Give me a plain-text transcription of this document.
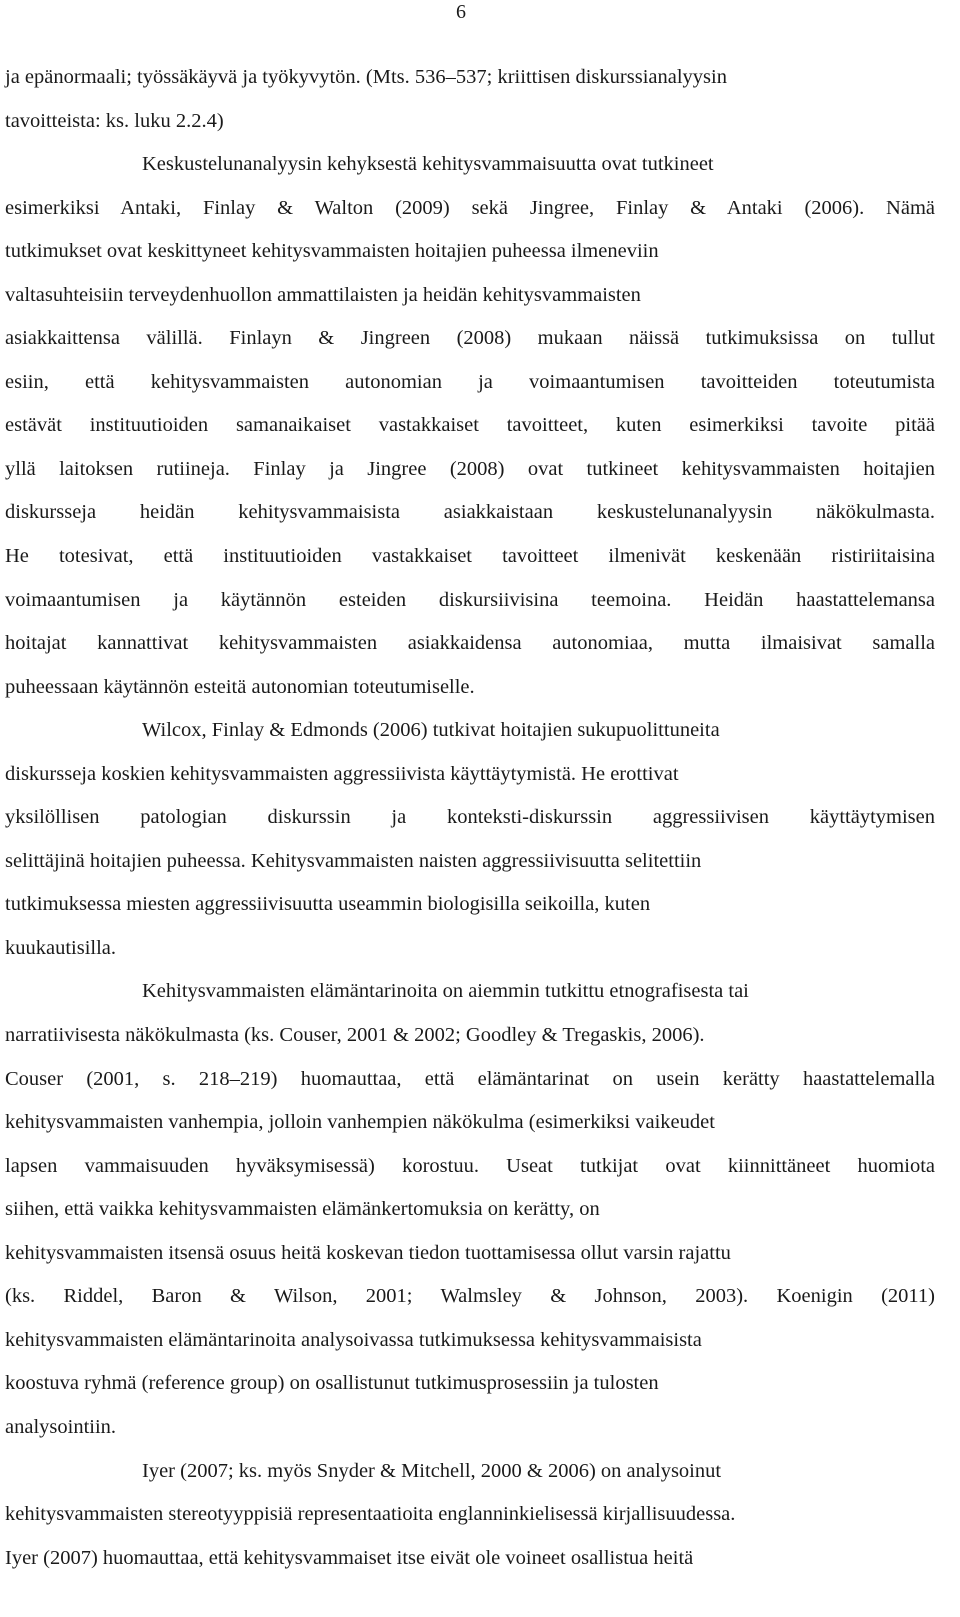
6
ja epänormaali; työssäkäyvä ja työkyvytön. (Mts. 536–537; kriittisen diskurssianalyysin
tavoitteista: ks. luku 2.2.4)
Keskustelunanalyysin kehyksestä kehitysvammaisuutta ovat tutkineet
esimerkiksi Antaki, Finlay & Walton (2009) sekä Jingree, Finlay & Antaki (2006). Nämä
tutkimukset ovat keskittyneet kehitysvammaisten hoitajien puheessa ilmeneviin
valtasuhteisiin terveydenhuollon ammattilaisten ja heidän kehitysvammaisten
asiakkaittensa välillä. Finlayn & Jingreen (2008) mukaan näissä tutkimuksissa on tullut
esiin, että kehitysvammaisten autonomian ja voimaantumisen tavoitteiden toteutumista
estävät instituutioiden samanaikaiset vastakkaiset tavoitteet, kuten esimerkiksi tavoite pitää
yllä laitoksen rutiineja. Finlay ja Jingree (2008) ovat tutkineet kehitysvammaisten hoitajien
diskursseja heidän kehitysvammaisista asiakkaistaan keskustelunanalyysin näkökulmasta.
He totesivat, että instituutioiden vastakkaiset tavoitteet ilmenivät keskenään ristiriitaisina
voimaantumisen ja käytännön esteiden diskursiivisina teemoina. Heidän haastattelemansa
hoitajat kannattivat kehitysvammaisten asiakkaidensa autonomiaa, mutta ilmaisivat samalla
puheessaan käytännön esteitä autonomian toteutumiselle.
Wilcox, Finlay & Edmonds (2006) tutkivat hoitajien sukupuolittuneita
diskursseja koskien kehitysvammaisten aggressiivista käyttäytymistä. He erottivat
yksilöllisen patologian diskurssin ja konteksti-diskurssin aggressiivisen käyttäytymisen
selittäjinä hoitajien puheessa. Kehitysvammaisten naisten aggressiivisuutta selitettiin
tutkimuksessa miesten aggressiivisuutta useammin biologisilla seikoilla, kuten
kuukautisilla.
Kehitysvammaisten elämäntarinoita on aiemmin tutkittu etnografisesta tai
narratiivisesta näkökulmasta (ks. Couser, 2001 & 2002; Goodley & Tregaskis, 2006).
Couser (2001, s. 218–219) huomauttaa, että elämäntarinat on usein kerätty haastattelemalla
kehitysvammaisten vanhempia, jolloin vanhempien näkökulma (esimerkiksi vaikeudet
lapsen vammaisuuden hyväksymisessä) korostuu. Useat tutkijat ovat kiinnittäneet huomiota
siihen, että vaikka kehitysvammaisten elämänkertomuksia on kerätty, on
kehitysvammaisten itsensä osuus heitä koskevan tiedon tuottamisessa ollut varsin rajattu
(ks. Riddel, Baron & Wilson, 2001; Walmsley & Johnson, 2003). Koenigin (2011)
kehitysvammaisten elämäntarinoita analysoivassa tutkimuksessa kehitysvammaisista
koostuva ryhmä (reference group) on osallistunut tutkimusprosessiin ja tulosten
analysointiin.
Iyer (2007; ks. myös Snyder & Mitchell, 2000 & 2006) on analysoinut
kehitysvammaisten stereotyyppisiä representaatioita englanninkielisessä kirjallisuudessa.
Iyer (2007) huomauttaa, että kehitysvammaiset itse eivät ole voineet osallistua heitä
